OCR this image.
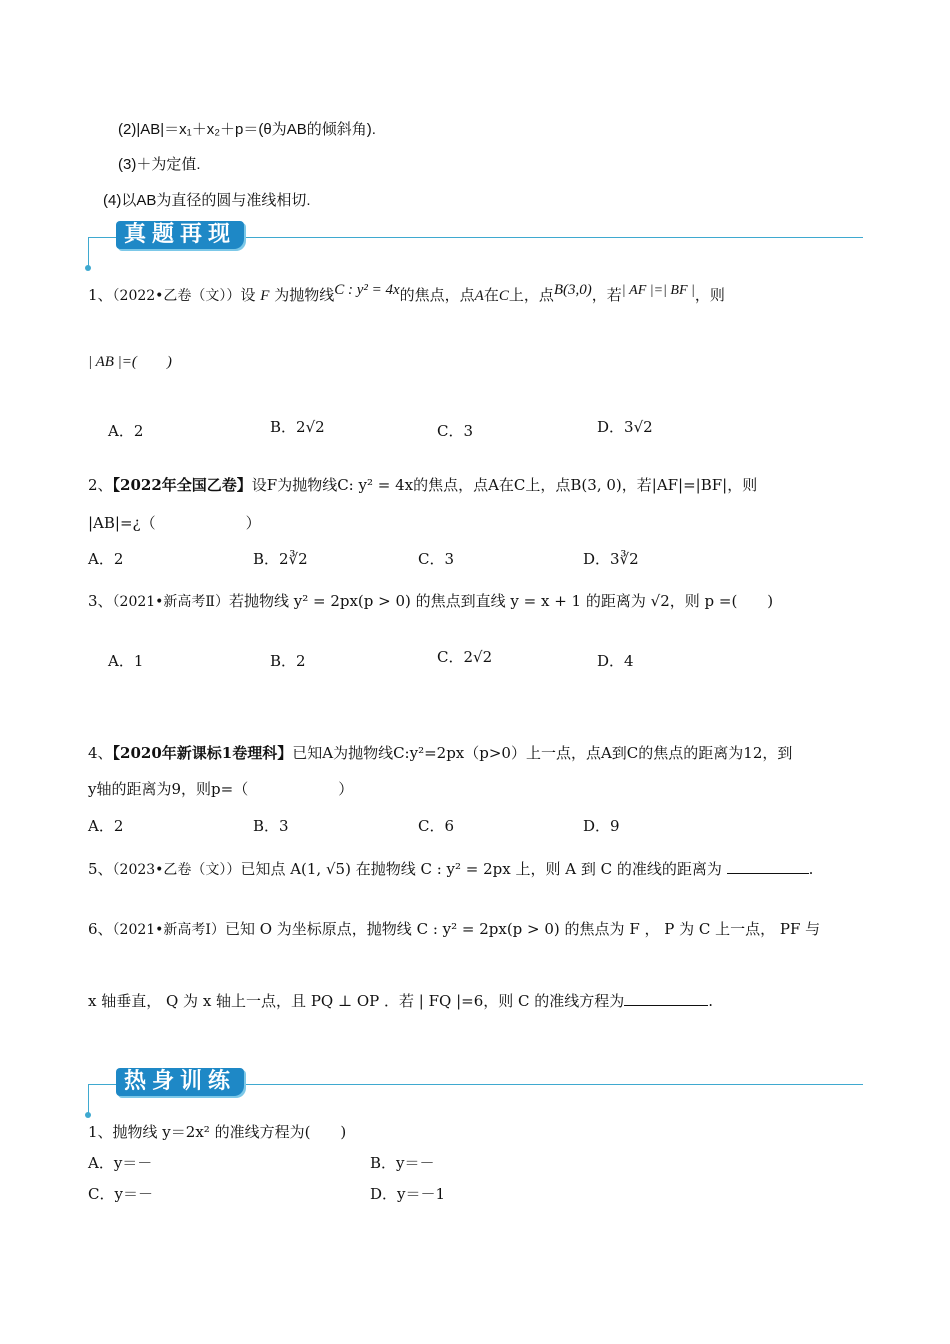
(2)|AB|＝x₁＋x₂＋p＝(θ为AB的倾斜角).
(3)＋为定值.
(4)以AB为直径的圆与准线相切.
真题再现
1、（2022•乙卷（文））设 F 为抛物线C : y² = 4x的焦点，点A在C上，点B(3,0)，若| AF |=| BF |，则
| AB |=(　　)
A．2	B．2√2	C．3	D．3√2
2、【2022年全国乙卷】设F为抛物线C: y² = 4x的焦点，点A在C上，点B(3, 0)，若|AF|=|BF|，则
|AB|=¿（　　　　　　）
A．2	B．2∛2	C．3	D．3∛2
3、（2021•新高考Ⅱ）若抛物线 y² = 2px(p > 0) 的焦点到直线 y = x + 1 的距离为 √2，则 p =(　　)
A．1	B．2	C．2√2	D．4
4、【2020年新课标1卷理科】已知A为抛物线C:y²=2px（p>0）上一点，点A到C的焦点的距离为12，到
y轴的距离为9，则p=（　　　　　　）
A．2	B．3	C．6	D．9
5、（2023•乙卷（文））已知点 A(1, √5) 在抛物线 C : y² = 2px 上，则 A 到 C 的准线的距离为	.
6、（2021•新高考Ⅰ）已知 O 为坐标原点，抛物线 C : y² = 2px(p > 0) 的焦点为 F ， P 为 C 上一点， PF 与
x 轴垂直， Q 为 x 轴上一点，且 PQ ⊥ OP ．若 | FQ |=6，则 C 的准线方程为	.
热身训练
1、抛物线 y＝2x² 的准线方程为(　　)
A．y＝－	B．y＝－
C．y＝－	D．y＝－1
